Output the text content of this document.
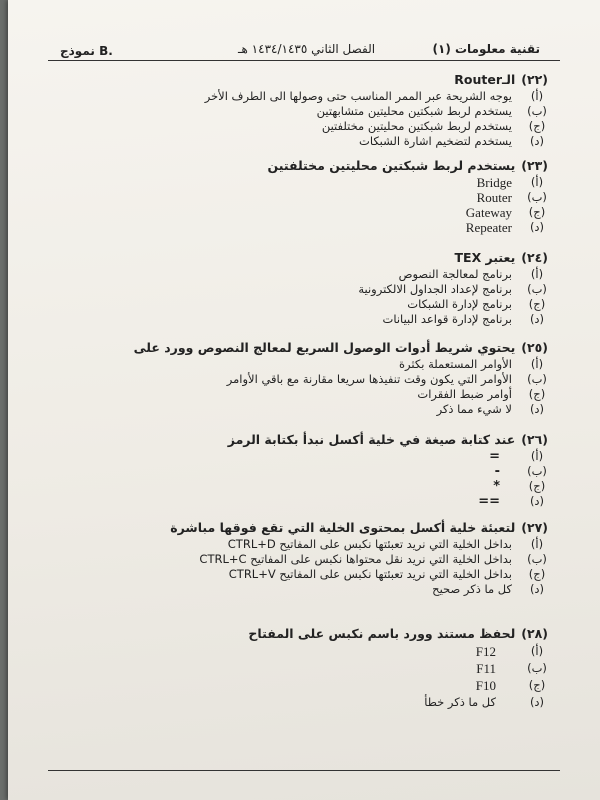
نموذج B.	الفصل الثاني ١٤٣٤/١٤٣٥ هـ	تقنية معلومات (١)
(٢٢)الـRouter
(أ)
يوجه الشريحة عبر الممر المناسب حتى وصولها الى الطرف الأخر
(ب)
يستخدم لربط شبكتين محليتين متشابهتين
(ج)
يستخدم لربط شبكتين محليتين مختلفتين
(د)
يستخدم لتضخيم اشارة الشبكات
(٢٣)يستخدم لربط شبكتين محليتين مختلفتين
(أ)
Bridge
(ب)
Router
(ج)
Gateway
(د)
Repeater
(٢٤)يعتبر TEX
(أ)
برنامج لمعالجة النصوص
(ب)
برنامج لإعداد الجداول الالكترونية
(ج)
برنامج لإدارة الشبكات
(د)
برنامج لإدارة قواعد البيانات
(٢٥)يحتوي شريط أدوات الوصول السريع لمعالج النصوص وورد على
(أ)
الأوامر المستعملة بكثرة
(ب)
الأوامر التي يكون وقت تنفيذها سريعا مقارنة مع باقي الأوامر
(ج)
أوامر ضبط الفقرات
(د)
لا شيء مما ذكر
(٢٦)عند كتابة صيغة في خلية أكسل نبدأ بكتابة الرمز
(أ)
=
(ب)
-
(ج)
*
(د)
==
(٢٧)لتعبئة خلية أكسل بمحتوى الخلية التي تقع فوقها مباشرة
(أ)
بداخل الخلية التي نريد تعبئتها نكبس على المفاتيح CTRL+D
(ب)
بداخل الخلية التي نريد نقل محتواها نكبس على المفاتيح CTRL+C
(ج)
بداخل الخلية التي نريد تعبئتها نكبس على المفاتيح CTRL+V
(د)
كل ما ذكر صحيح
(٢٨)لحفظ مستند وورد باسم نكبس على المفتاح
(أ)
F12
(ب)
F11
(ج)
F10
(د)
كل ما ذكر خطأ
